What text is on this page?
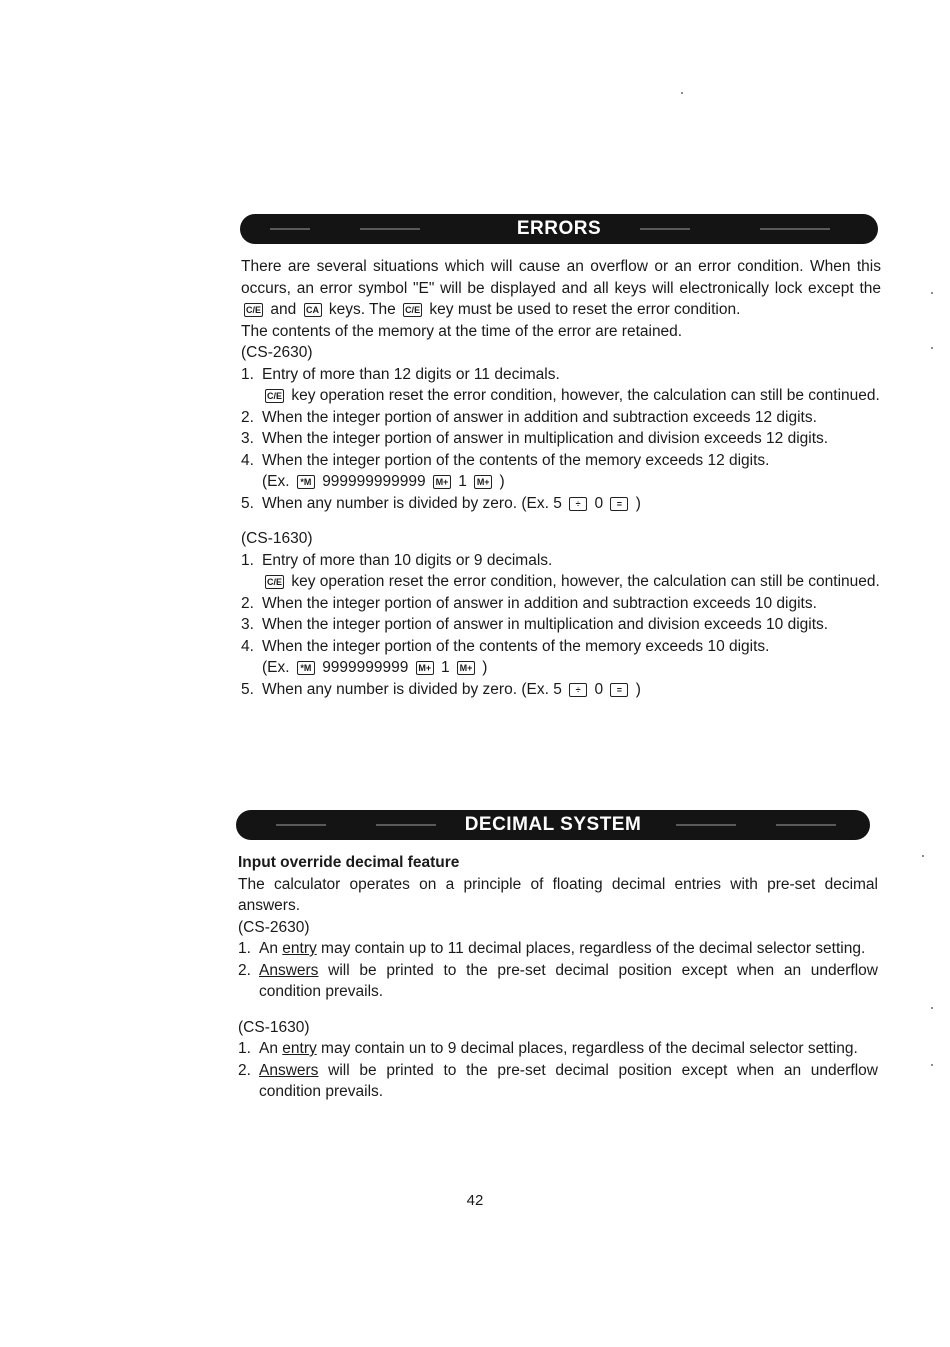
ERRORS

There are several situations which will cause an overflow or an error condition. When this occurs, an error symbol "E" will be displayed and all keys will electronically lock except the C/E and CA keys. The C/E key must be used to reset the error condition.

The contents of the memory at the time of the error are retained.

(CS-2630)

1. Entry of more than 12 digits or 11 decimals.

C/E key operation reset the error condition, however, the calculation can still be continued.

2. When the integer portion of answer in addition and subtraction exceeds 12 digits.
3. When the integer portion of answer in multiplication and division exceeds 12 digits.
4. When the integer portion of the contents of the memory exceeds 12 digits.

(Ex. *M 999999999999 M+ 1 M+ )

5. When any number is divided by zero. (Ex. 5 ÷ 0 = )

(CS-1630)

1. Entry of more than 10 digits or 9 decimals.

C/E key operation reset the error condition, however, the calculation can still be continued.

2. When the integer portion of answer in addition and subtraction exceeds 10 digits.
3. When the integer portion of answer in multiplication and division exceeds 10 digits.
4. When the integer portion of the contents of the memory exceeds 10 digits.

(Ex. *M 9999999999 M+ 1 M+ )

5. When any number is divided by zero. (Ex. 5 ÷ 0 = )
DECIMAL SYSTEM

Input override decimal feature

The calculator operates on a principle of floating decimal entries with pre-set decimal answers.

(CS-2630)

1. An entry may contain up to 11 decimal places, regardless of the decimal selector setting.
2. Answers will be printed to the pre-set decimal position except when an underflow condition prevails.

(CS-1630)

1. An entry may contain un to 9 decimal places, regardless of the decimal selector setting.
2. Answers will be printed to the pre-set decimal position except when an underflow condition prevails.
42
